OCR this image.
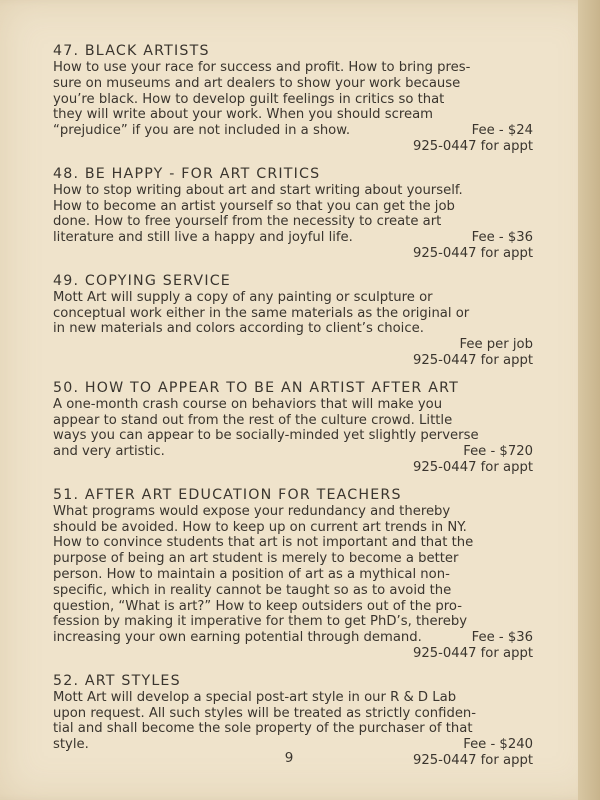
47. BLACK ARTISTS

How to use your race for success and profit. How to bring pres-
sure on museums and art dealers to show your work because
you’re black. How to develop guilt feelings in critics so that
they will write about your work. When you should scream
“prejudice” if you are not included in a show.	Fee - $24
925-0447 for appt

48. BE HAPPY - FOR ART CRITICS

How to stop writing about art and start writing about yourself.
How to become an artist yourself so that you can get the job
done. How to free yourself from the necessity to create art
literature and still live a happy and joyful life.	Fee - $36
925-0447 for appt

49. COPYING SERVICE

Mott Art will supply a copy of any painting or sculpture or
conceptual work either in the same materials as the original or
in new materials and colors according to client’s choice.
Fee per job
925-0447 for appt

50. HOW TO APPEAR TO BE AN ARTIST AFTER ART

A one-month crash course on behaviors that will make you
appear to stand out from the rest of the culture crowd. Little
ways you can appear to be socially-minded yet slightly perverse
and very artistic.	Fee - $720
925-0447 for appt

51. AFTER ART EDUCATION FOR TEACHERS

What programs would expose your redundancy and thereby
should be avoided. How to keep up on current art trends in NY.
How to convince students that art is not important and that the
purpose of being an art student is merely to become a better
person. How to maintain a position of art as a mythical non-
specific, which in reality cannot be taught so as to avoid the
question, “What is art?” How to keep outsiders out of the pro-
fession by making it imperative for them to get PhD’s, thereby
increasing your own earning potential through demand.	Fee - $36
925-0447 for appt

52. ART STYLES

Mott Art will develop a special post-art style in our R & D Lab
upon request. All such styles will be treated as strictly confiden-
tial and shall become the sole property of the purchaser of that
style.	Fee - $240
925-0447 for appt
9
